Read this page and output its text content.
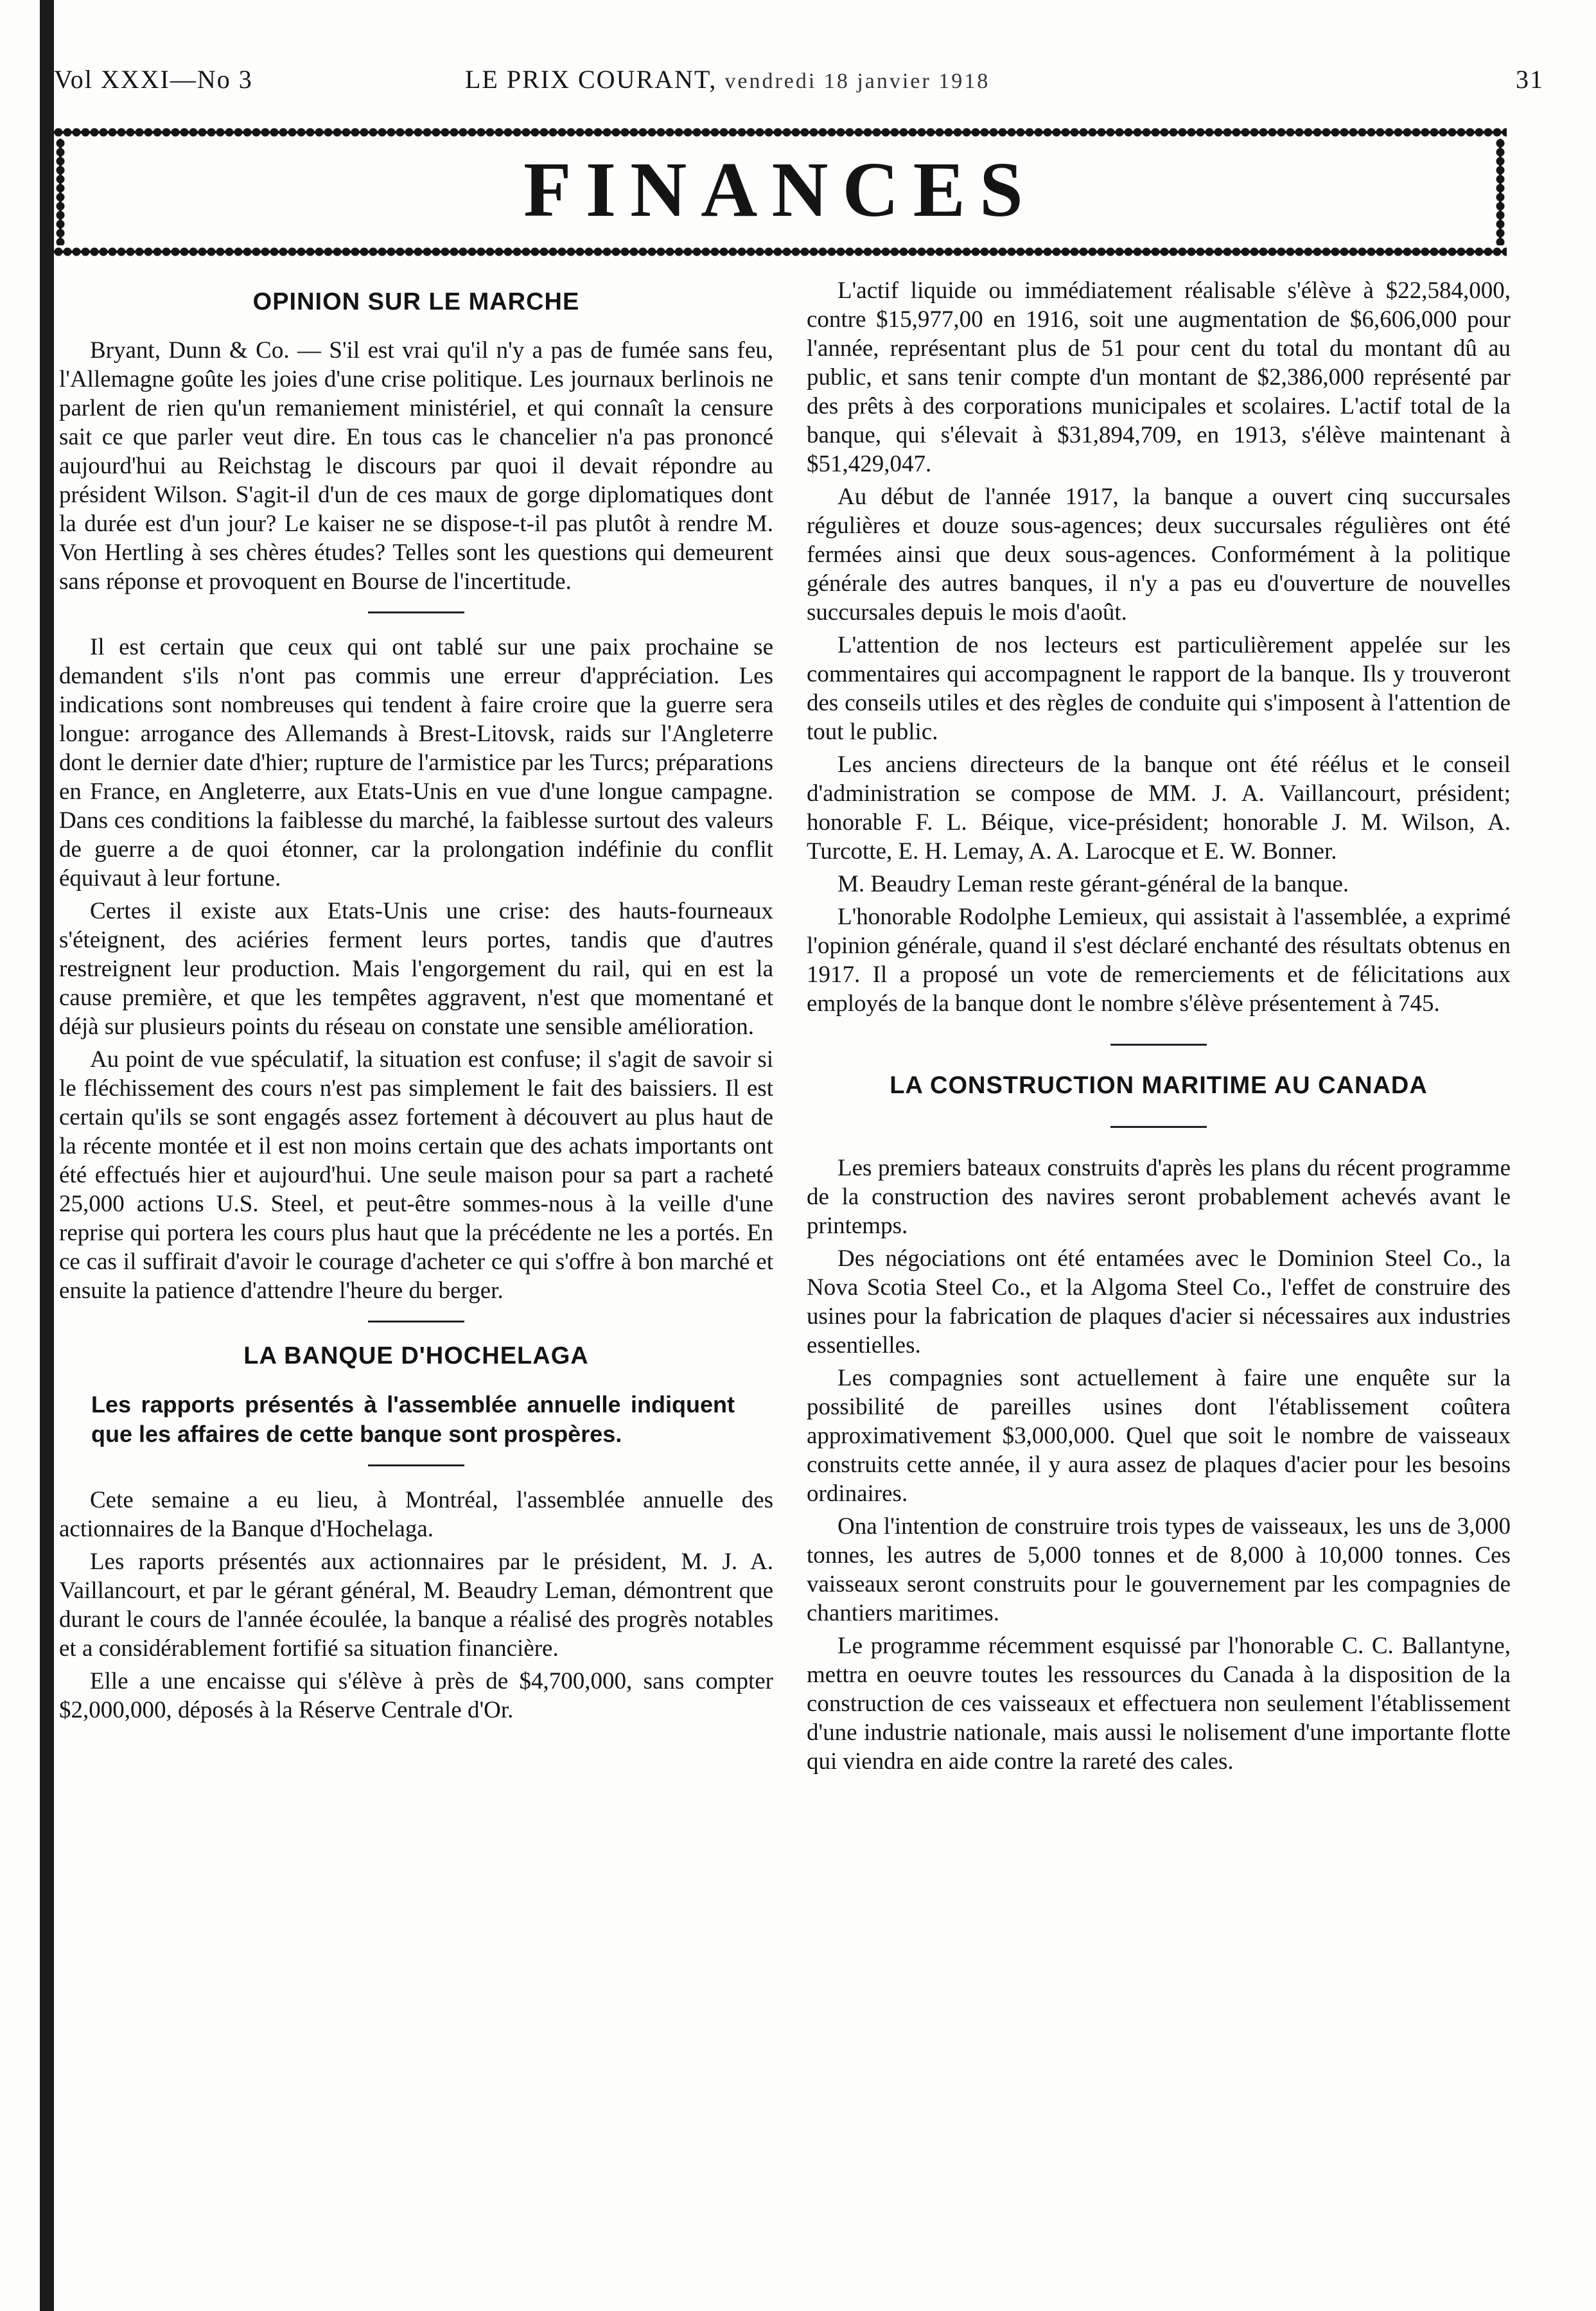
Vol XXXI—No 3	LE PRIX COURANT, vendredi 18 janvier 1918	31
FINANCES
OPINION SUR LE MARCHE

Bryant, Dunn & Co. — S'il est vrai qu'il n'y a pas de fumée sans feu, l'Allemagne goûte les joies d'une crise politique. Les journaux berlinois ne parlent de rien qu'un remaniement ministériel, et qui connaît la censure sait ce que parler veut dire. En tous cas le chancelier n'a pas prononcé aujourd'hui au Reichstag le discours par quoi il devait répondre au président Wilson. S'agit-il d'un de ces maux de gorge diplomatiques dont la durée est d'un jour? Le kaiser ne se dispose-t-il pas plutôt à rendre M. Von Hertling à ses chères études? Telles sont les questions qui demeurent sans réponse et provoquent en Bourse de l'incertitude.

Il est certain que ceux qui ont tablé sur une paix prochaine se demandent s'ils n'ont pas commis une erreur d'appréciation. Les indications sont nombreuses qui tendent à faire croire que la guerre sera longue: arrogance des Allemands à Brest-Litovsk, raids sur l'Angleterre dont le dernier date d'hier; rupture de l'armistice par les Turcs; préparations en France, en Angleterre, aux Etats-Unis en vue d'une longue campagne. Dans ces conditions la faiblesse du marché, la faiblesse surtout des valeurs de guerre a de quoi étonner, car la prolongation indéfinie du conflit équivaut à leur fortune.

Certes il existe aux Etats-Unis une crise: des hauts-fourneaux s'éteignent, des aciéries ferment leurs portes, tandis que d'autres restreignent leur production. Mais l'engorgement du rail, qui en est la cause première, et que les tempêtes aggravent, n'est que momentané et déjà sur plusieurs points du réseau on constate une sensible amélioration.

Au point de vue spéculatif, la situation est confuse; il s'agit de savoir si le fléchissement des cours n'est pas simplement le fait des baissiers. Il est certain qu'ils se sont engagés assez fortement à découvert au plus haut de la récente montée et il est non moins certain que des achats importants ont été effectués hier et aujourd'hui. Une seule maison pour sa part a racheté 25,000 actions U.S. Steel, et peut-être sommes-nous à la veille d'une reprise qui portera les cours plus haut que la précédente ne les a portés. En ce cas il suffirait d'avoir le courage d'acheter ce qui s'offre à bon marché et ensuite la patience d'attendre l'heure du berger.

LA BANQUE D'HOCHELAGA
Les rapports présentés à l'assemblée annuelle indiquent que les affaires de cette banque sont prospères.

Cete semaine a eu lieu, à Montréal, l'assemblée annuelle des actionnaires de la Banque d'Hochelaga.

Les raports présentés aux actionnaires par le président, M. J. A. Vaillancourt, et par le gérant général, M. Beaudry Leman, démontrent que durant le cours de l'année écoulée, la banque a réalisé des progrès notables et a considérablement fortifié sa situation financière.

Elle a une encaisse qui s'élève à près de $4,700,000, sans compter $2,000,000, déposés à la Réserve Centrale d'Or.

L'actif liquide ou immédiatement réalisable s'élève à $22,584,000, contre $15,977,00 en 1916, soit une augmentation de $6,606,000 pour l'année, représentant plus de 51 pour cent du total du montant dû au public, et sans tenir compte d'un montant de $2,386,000 représenté par des prêts à des corporations municipales et scolaires. L'actif total de la banque, qui s'élevait à $31,894,709, en 1913, s'élève maintenant à $51,429,047.

Au début de l'année 1917, la banque a ouvert cinq succursales régulières et douze sous-agences; deux succursales régulières ont été fermées ainsi que deux sous-agences. Conformément à la politique générale des autres banques, il n'y a pas eu d'ouverture de nouvelles succursales depuis le mois d'août.

L'attention de nos lecteurs est particulièrement appelée sur les commentaires qui accompagnent le rapport de la banque. Ils y trouveront des conseils utiles et des règles de conduite qui s'imposent à l'attention de tout le public.

Les anciens directeurs de la banque ont été réélus et le conseil d'administration se compose de MM. J. A. Vaillancourt, président; honorable F. L. Béique, vice-président; honorable J. M. Wilson, A. Turcotte, E. H. Lemay, A. A. Larocque et E. W. Bonner.

M. Beaudry Leman reste gérant-général de la banque.

L'honorable Rodolphe Lemieux, qui assistait à l'assemblée, a exprimé l'opinion générale, quand il s'est déclaré enchanté des résultats obtenus en 1917. Il a proposé un vote de remerciements et de félicitations aux employés de la banque dont le nombre s'élève présentement à 745.

LA CONSTRUCTION MARITIME AU CANADA

Les premiers bateaux construits d'après les plans du récent programme de la construction des navires seront probablement achevés avant le printemps.

Des négociations ont été entamées avec le Dominion Steel Co., la Nova Scotia Steel Co., et la Algoma Steel Co., l'effet de construire des usines pour la fabrication de plaques d'acier si nécessaires aux industries essentielles.

Les compagnies sont actuellement à faire une enquête sur la possibilité de pareilles usines dont l'établissement coûtera approximativement $3,000,000. Quel que soit le nombre de vaisseaux construits cette année, il y aura assez de plaques d'acier pour les besoins ordinaires.

Ona l'intention de construire trois types de vaisseaux, les uns de 3,000 tonnes, les autres de 5,000 tonnes et de 8,000 à 10,000 tonnes. Ces vaisseaux seront construits pour le gouvernement par les compagnies de chantiers maritimes.

Le programme récemment esquissé par l'honorable C. C. Ballantyne, mettra en oeuvre toutes les ressources du Canada à la disposition de la construction de ces vaisseaux et effectuera non seulement l'établissement d'une industrie nationale, mais aussi le nolisement d'une importante flotte qui viendra en aide contre la rareté des cales.
